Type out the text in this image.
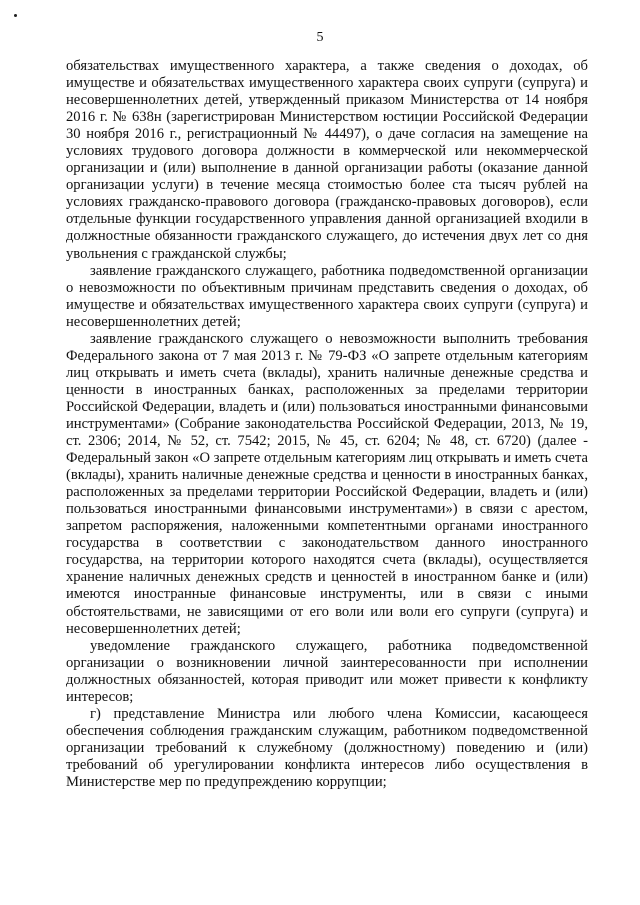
5

обязательствах имущественного характера, а также сведения о доходах, об имуществе и обязательствах имущественного характера своих супруги (супруга) и несовершеннолетних детей, утвержденный приказом Министерства от 14 ноября 2016 г. № 638н (зарегистрирован Министерством юстиции Российской Федерации 30 ноября 2016 г., регистрационный № 44497), о даче согласия на замещение на условиях трудового договора должности в коммерческой или некоммерческой организации и (или) выполнение в данной организации работы (оказание данной организации услуги) в течение месяца стоимостью более ста тысяч рублей на условиях гражданско-правового договора (гражданско-правовых договоров), если отдельные функции государственного управления данной организацией входили в должностные обязанности гражданского служащего, до истечения двух лет со дня увольнения с гражданской службы;

заявление гражданского служащего, работника подведомственной организации о невозможности по объективным причинам представить сведения о доходах, об имуществе и обязательствах имущественного характера своих супруги (супруга) и несовершеннолетних детей;

заявление гражданского служащего о невозможности выполнить требования Федерального закона от 7 мая 2013 г. № 79-ФЗ «О запрете отдельным категориям лиц открывать и иметь счета (вклады), хранить наличные денежные средства и ценности в иностранных банках, расположенных за пределами территории Российской Федерации, владеть и (или) пользоваться иностранными финансовыми инструментами» (Собрание законодательства Российской Федерации, 2013, № 19, ст. 2306; 2014, № 52, ст. 7542; 2015, № 45, ст. 6204; № 48, ст. 6720) (далее - Федеральный закон «О запрете отдельным категориям лиц открывать и иметь счета (вклады), хранить наличные денежные средства и ценности в иностранных банках, расположенных за пределами территории Российской Федерации, владеть и (или) пользоваться иностранными финансовыми инструментами») в связи с арестом, запретом распоряжения, наложенными компетентными органами иностранного государства в соответствии с законодательством данного иностранного государства, на территории которого находятся счета (вклады), осуществляется хранение наличных денежных средств и ценностей в иностранном банке и (или) имеются иностранные финансовые инструменты, или в связи с иными обстоятельствами, не зависящими от его воли или воли его супруги (супруга) и несовершеннолетних детей;

уведомление гражданского служащего, работника подведомственной организации о возникновении личной заинтересованности при исполнении должностных обязанностей, которая приводит или может привести к конфликту интересов;

г) представление Министра или любого члена Комиссии, касающееся обеспечения соблюдения гражданским служащим, работником подведомственной организации требований к служебному (должностному) поведению и (или) требований об урегулировании конфликта интересов либо осуществления в Министерстве мер по предупреждению коррупции;
